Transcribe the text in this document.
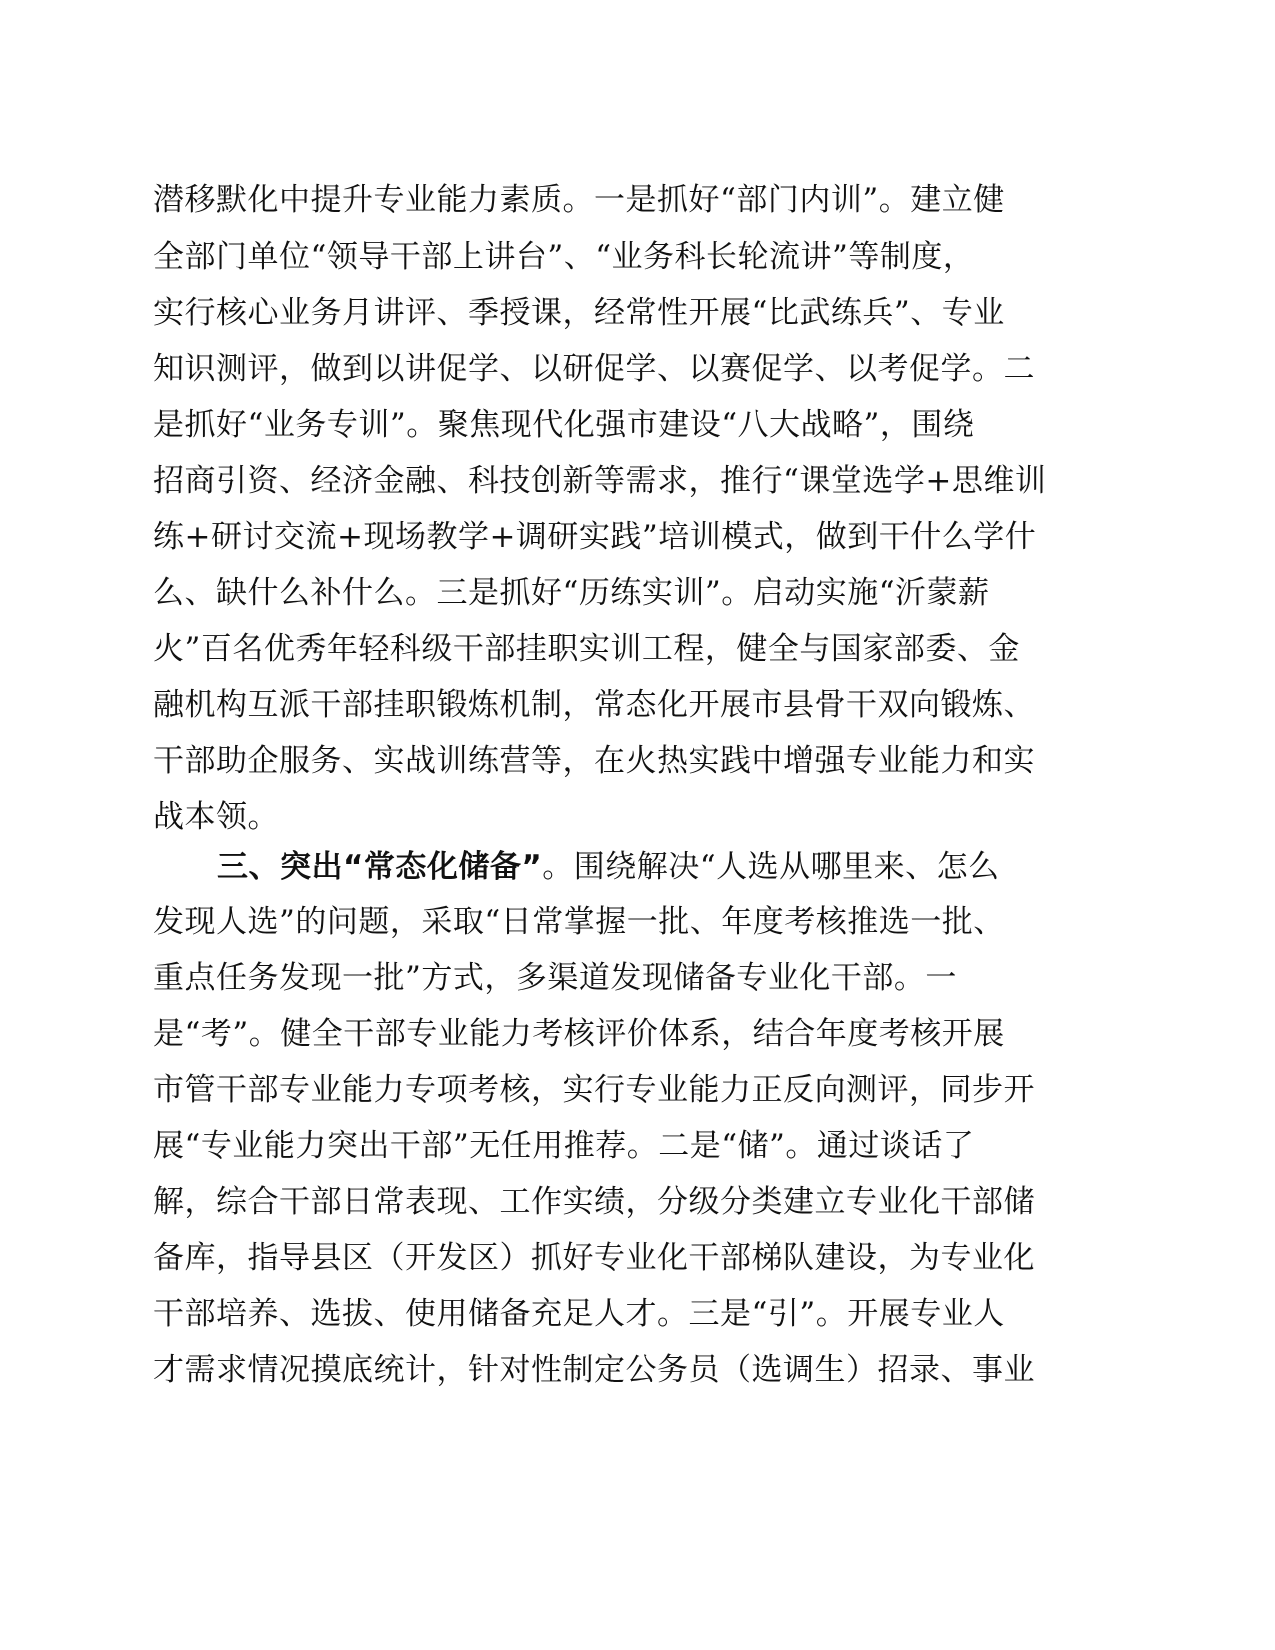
潜移默化中提升专业能力素质。一是抓好“部门内训”。建立健
全部门单位“领导干部上讲台”、“业务科长轮流讲”等制度，
实行核心业务月讲评、季授课，经常性开展“比武练兵”、专业
知识测评，做到以讲促学、以研促学、以赛促学、以考促学。二
是抓好“业务专训”。聚焦现代化强市建设“八大战略”，围绕
招商引资、经济金融、科技创新等需求，推行“课堂选学+思维训
练+研讨交流+现场教学+调研实践”培训模式，做到干什么学什
么、缺什么补什么。三是抓好“历练实训”。启动实施“沂蒙薪
火”百名优秀年轻科级干部挂职实训工程，健全与国家部委、金
融机构互派干部挂职锻炼机制，常态化开展市县骨干双向锻炼、
干部助企服务、实战训练营等，在火热实践中增强专业能力和实
战本领。
三、突出“常态化储备”。围绕解决“人选从哪里来、怎么
发现人选”的问题，采取“日常掌握一批、年度考核推选一批、
重点任务发现一批”方式，多渠道发现储备专业化干部。一
是“考”。健全干部专业能力考核评价体系，结合年度考核开展
市管干部专业能力专项考核，实行专业能力正反向测评，同步开
展“专业能力突出干部”无任用推荐。二是“储”。通过谈话了
解，综合干部日常表现、工作实绩，分级分类建立专业化干部储
备库，指导县区（开发区）抓好专业化干部梯队建设，为专业化
干部培养、选拔、使用储备充足人才。三是“引”。开展专业人
才需求情况摸底统计，针对性制定公务员（选调生）招录、事业
